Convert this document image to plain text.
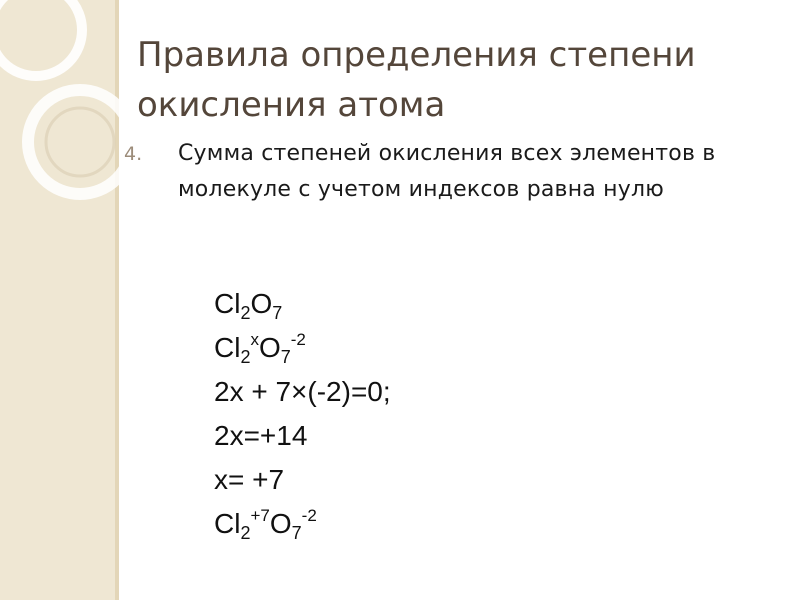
Правила определения степени окисления атома
4. Сумма степеней окисления всех элементов в молекуле с учетом индексов равна нулю
$Cl_2O_7$
$Cl_2^xO_7^{-2}$
2x + 7×(-2)=0;
2x=+14
x= +7
$Cl_2^{+7}O_7^{-2}$
